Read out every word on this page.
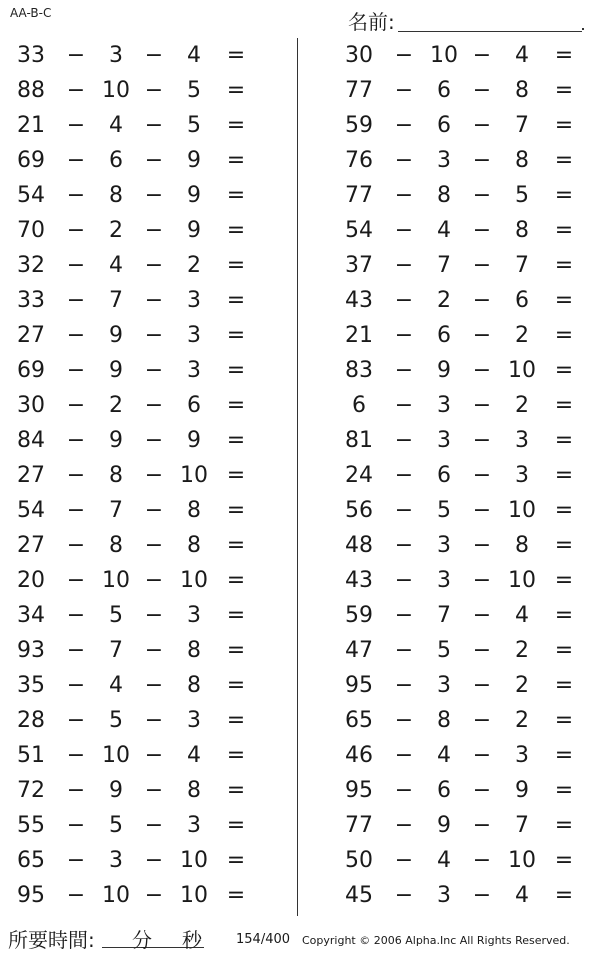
AA-B-C	名前:
33 −	3 −	4	=
88 − 10 −	5	=
21 −	4 −	5	=
69 −	6 −	9	=
54 −	8 −	9	=
70 −	2 −	9	=
32 −	4 −	2	=
33 −	7 −	3	=
27 −	9 −	3	=
69 −	9 −	3	=
30 −	2 −	6	=
84 −	9 −	9	=
27 −	8 − 10 =
54 −	7 −	8	=
27 −	8 −	8	=
20 − 10 − 10 =
34 −	5 −	3	=
93 −	7 −	8	=
35 −	4 −	8	=
28 −	5 −	3	=
51 − 10 −	4	=
72 −	9 −	8	=
55 −	5 −	3	=
65 −	3 − 10 =
95 − 10 − 10 =
30 − 10 −	4	=
77 −	6 −	8	=
59 −	6 −	7	=
76 −	3 −	8	=
77 −	8 −	5	=
54 −	4 −	8	=
37 −	7 −	7	=
43 −	2 −	6	=
21 −	6 −	2	=
83 −	9 − 10 =
6	−	3 −	2	=
81 −	3 −	3	=
24 −	6 −	3	=
56 −	5 − 10 =
48 −	3 −	8	=
43 −	3 − 10 =
59 −	7 −	4	=
47 −	5 −	2	=
95 −	3 −	2	=
65 −	8 −	2	=
46 −	4 −	3	=
95 −	6 −	9	=
77 −	9 −	7	=
50 −	4 − 10 =
45 −	3 −	4	=
所要時間: 分 秒	154/400 Copyright © 2006 Alpha.Inc All Rights Reserved.
